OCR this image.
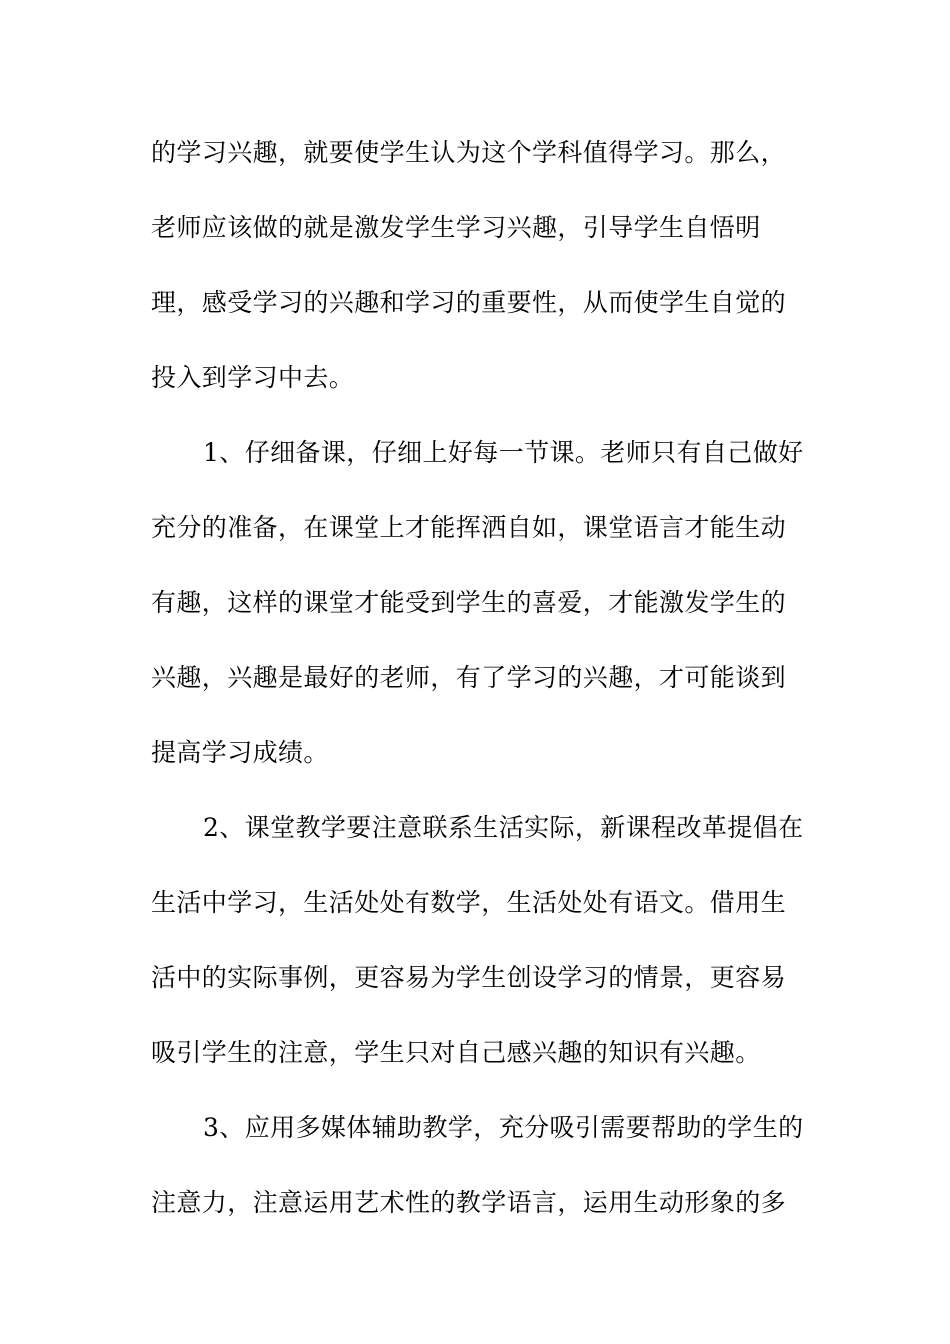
的学习兴趣，就要使学生认为这个学科值得学习。那么，
老师应该做的就是激发学生学习兴趣，引导学生自悟明
理，感受学习的兴趣和学习的重要性，从而使学生自觉的
投入到学习中去。
1、仔细备课，仔细上好每一节课。老师只有自己做好
充分的准备，在课堂上才能挥洒自如，课堂语言才能生动
有趣，这样的课堂才能受到学生的喜爱，才能激发学生的
兴趣，兴趣是最好的老师，有了学习的兴趣，才可能谈到
提高学习成绩。
2、课堂教学要注意联系生活实际，新课程改革提倡在
生活中学习，生活处处有数学，生活处处有语文。借用生
活中的实际事例，更容易为学生创设学习的情景，更容易
吸引学生的注意，学生只对自己感兴趣的知识有兴趣。
3、应用多媒体辅助教学，充分吸引需要帮助的学生的
注意力，注意运用艺术性的教学语言，运用生动形象的多
